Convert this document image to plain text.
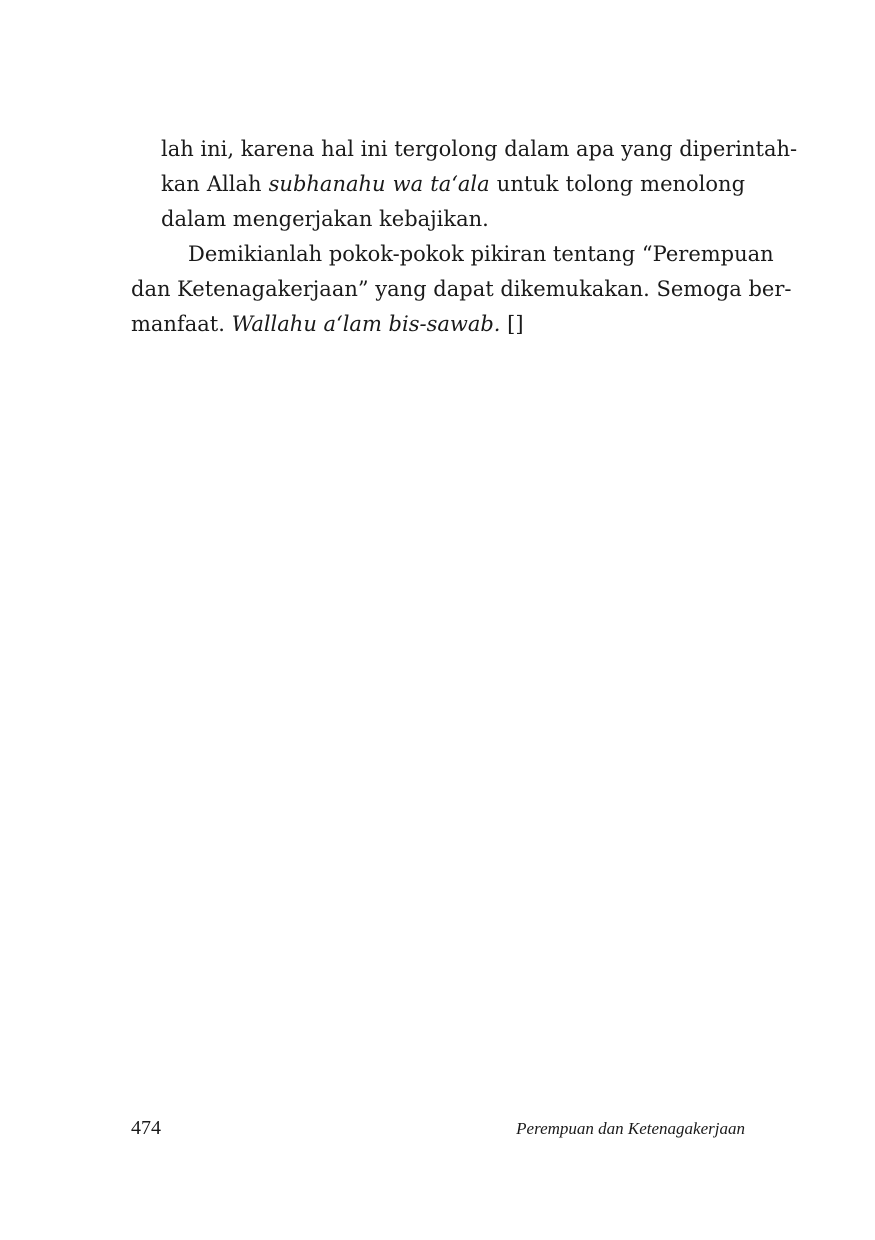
lah ini, karena hal ini tergolong dalam apa yang diperintah-
kan Allah subhanahu wa ta‘ala untuk tolong menolong
dalam mengerjakan kebajikan.
Demikianlah pokok-pokok pikiran tentang “Perempuan
dan Ketenagakerjaan” yang dapat dikemukakan. Semoga ber-
manfaat. Wallahu a‘lam bis-sawab. []
474	Perempuan dan Ketenagakerjaan
